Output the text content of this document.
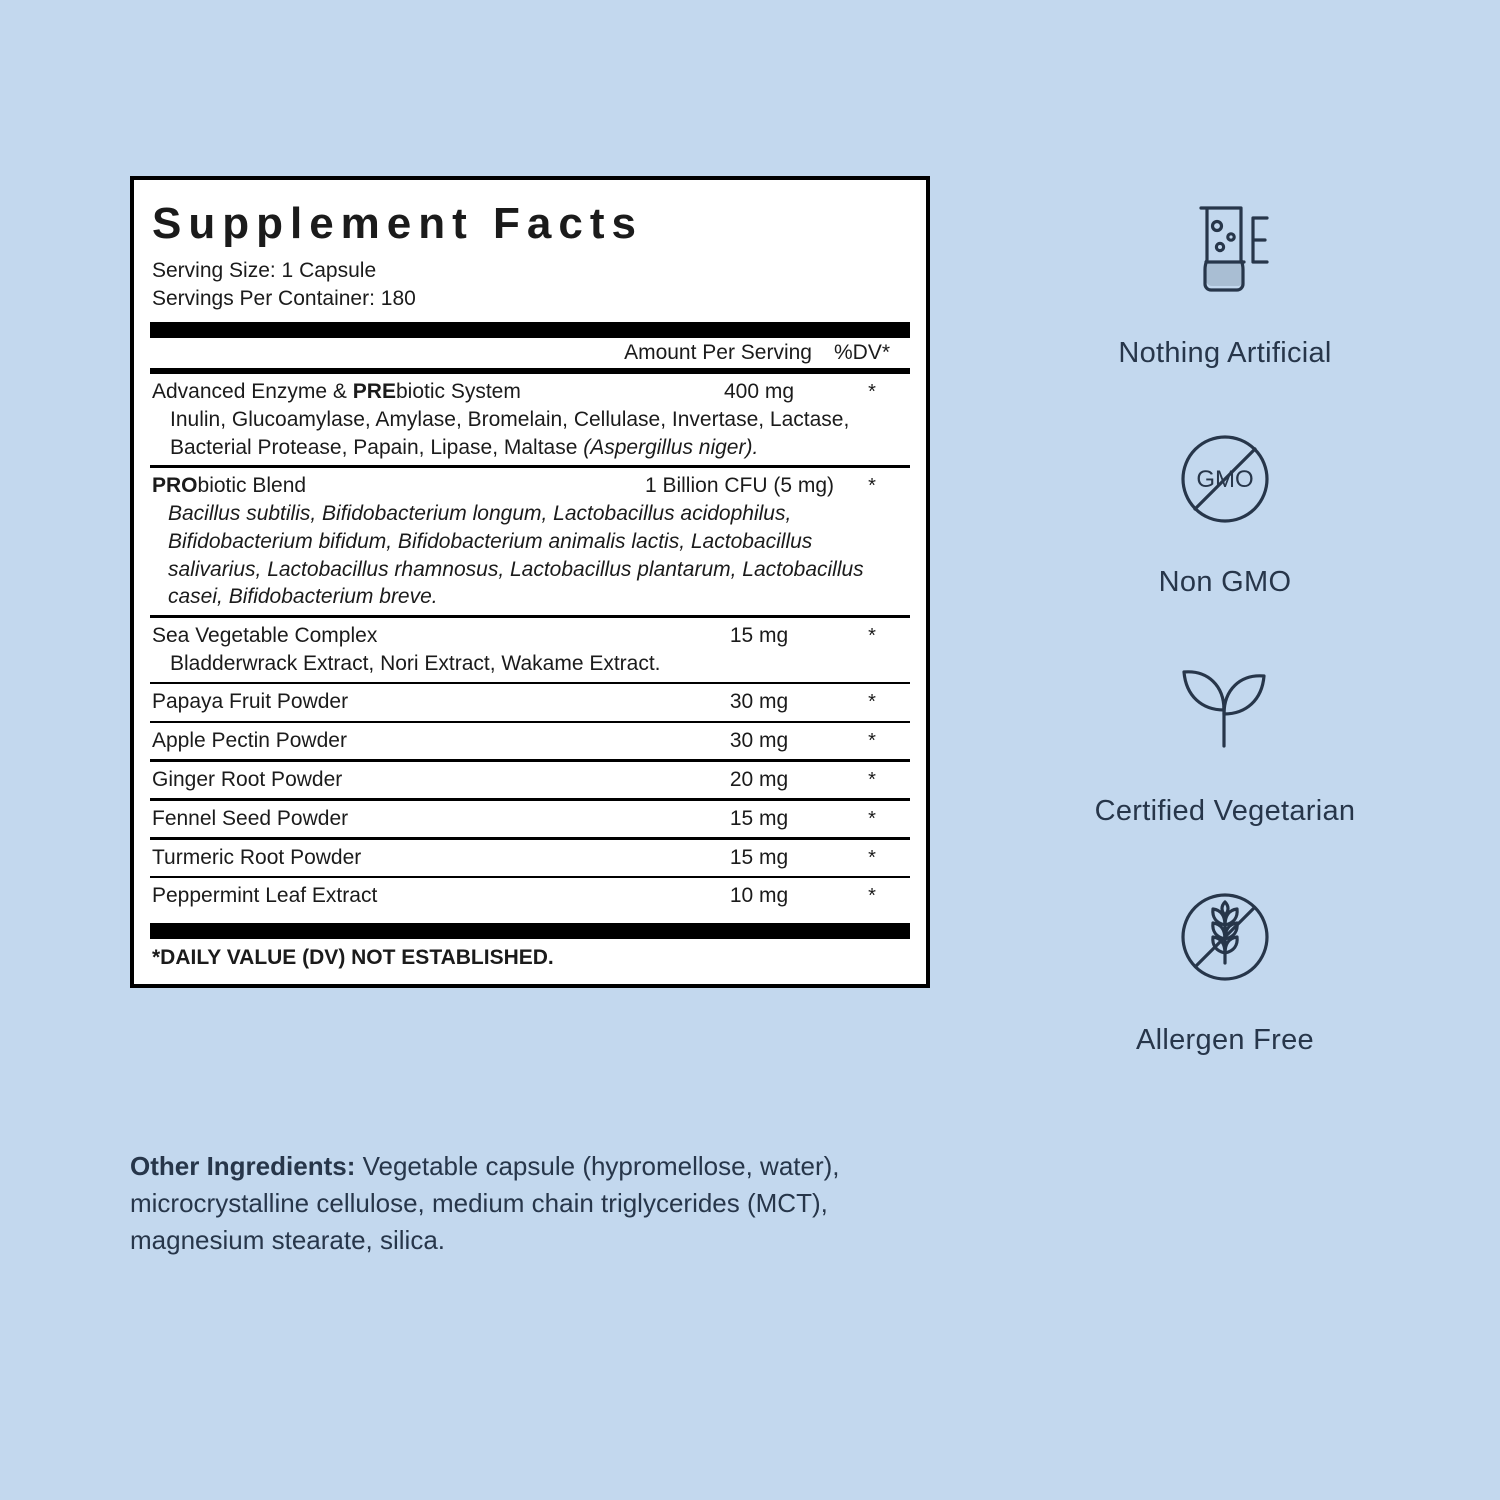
Supplement Facts
Serving Size: 1 Capsule
Servings Per Container: 180
Amount Per Serving %DV*
Advanced Enzyme & PREbiotic System	400 mg	*
Inulin, Glucoamylase, Amylase, Bromelain, Cellulase, Invertase, Lactase, Bacterial Protease, Papain, Lipase, Maltase (Aspergillus niger).
PRObiotic Blend	1 Billion CFU (5 mg)	*
Bacillus subtilis, Bifidobacterium longum, Lactobacillus acidophilus, Bifidobacterium bifidum, Bifidobacterium animalis lactis, Lactobacillus salivarius, Lactobacillus rhamnosus, Lactobacillus plantarum, Lactobacillus casei, Bifidobacterium breve.
Sea Vegetable Complex	15 mg	*
Bladderwrack Extract, Nori Extract, Wakame Extract.
Papaya Fruit Powder	30 mg	*
Apple Pectin Powder	30 mg	*
Ginger Root Powder	20 mg	*
Fennel Seed Powder	15 mg	*
Turmeric Root Powder	15 mg	*
Peppermint Leaf Extract	10 mg	*
*DAILY VALUE (DV) NOT ESTABLISHED.
Other Ingredients: Vegetable capsule (hypromellose, water), microcrystalline cellulose, medium chain triglycerides (MCT), magnesium stearate, silica.
Nothing Artificial
GMO
Non GMO
Certified Vegetarian
Allergen Free
